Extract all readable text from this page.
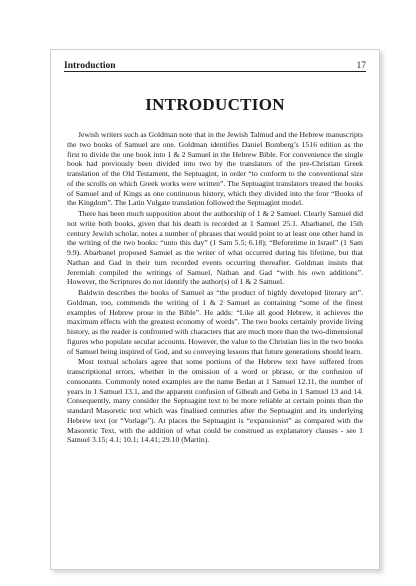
Introduction	17
INTRODUCTION

Jewish writers such as Goldman note that in the Jewish Talmud and the Hebrew manuscripts the two books of Samuel are one. Goldman identifies Daniel Bomberg’s 1516 edition as the first to divide the one book into 1 & 2 Samuel in the Hebrew Bible. For convenience the single book had previously been divided into two by the translators of the pre-Christian Greek translation of the Old Testament, the Septuagint, in order “to conform to the conventional size of the scrolls on which Greek works were written”. The Septuagint translators treated the books of Samuel and of Kings as one continuous history, which they divided into the four “Books of the Kingdom”. The Latin Vulgate translation followed the Septuagint model.

There has been much supposition about the authorship of 1 & 2 Samuel. Clearly Samuel did not write both books, given that his death is recorded at 1 Samuel 25.1. Abarbanel, the 15th century Jewish scholar, notes a number of phrases that would point to at least one other hand in the writing of the two books: “unto this day” (1 Sam 5.5; 6.18); “Beforetime in Israel” (1 Sam 9.9). Abarbanel proposed Samuel as the writer of what occurred during his lifetime, but that Nathan and Gad in their turn recorded events occurring thereafter. Goldman insists that Jeremiah compiled the writings of Samuel, Nathan and Gad “with his own additions”. However, the Scriptures do not identify the author(s) of 1 & 2 Samuel.

Baldwin describes the books of Samuel as “the product of highly developed literary art”. Goldman, too, commends the writing of 1 & 2 Samuel as containing “some of the finest examples of Hebrew prose in the Bible”. He adds: “Like all good Hebrew, it achieves the maximum effects with the greatest economy of words”. The two books certainly provide living history, as the reader is confronted with characters that are much more than the two-dimensional figures who populate secular accounts. However, the value to the Christian lies in the two books of Samuel being inspired of God, and so conveying lessons that future generations should learn.

Most textual scholars agree that some portions of the Hebrew text have suffered from transcriptional errors, whether in the omission of a word or phrase, or the confusion of consonants. Commonly noted examples are the name Bedan at 1 Samuel 12.11, the number of years in 1 Samuel 13.1, and the apparent confusion of Gibeah and Geba in 1 Samuel 13 and 14. Consequently, many consider the Septuagint text to be more reliable at certain points than the standard Masoretic text which was finalised centuries after the Septuagint and its underlying Hebrew text (or “Vorlage”). At places the Septuagint is “expansionist” as compared with the Masoretic Text, with the addition of what could be construed as explanatory clauses - see 1 Samuel 3.15; 4.1; 10.1; 14.41; 29.10 (Martin).
